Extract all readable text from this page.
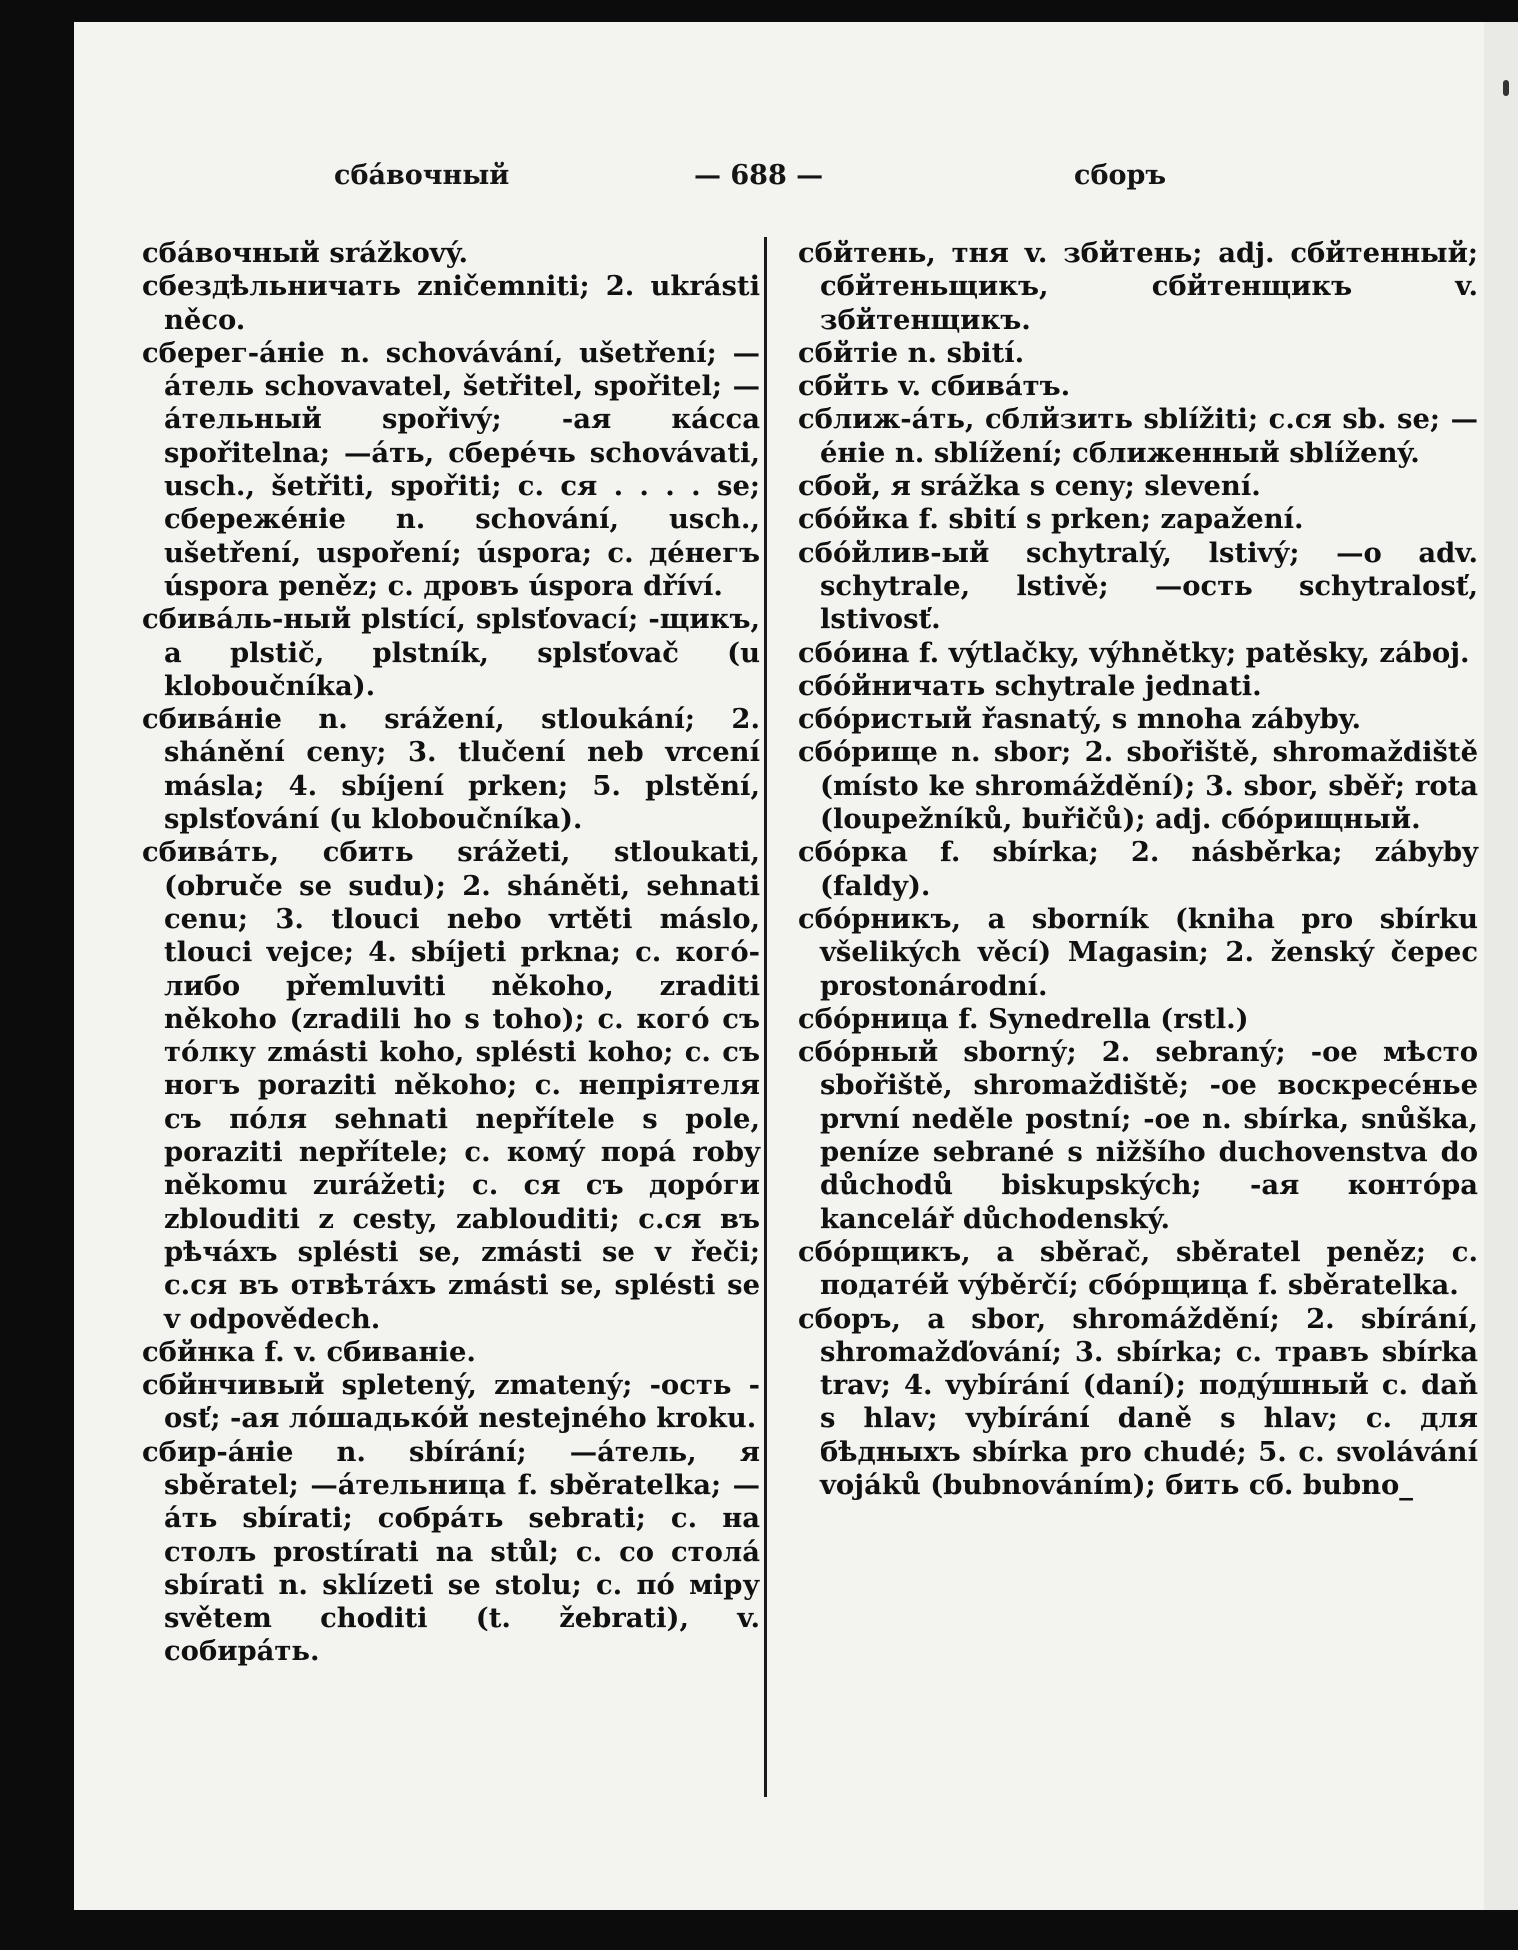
сбáвочный	— 688 —	сборъ

сбáвочный srážkový.

сбездѣльничать zničemniti; 2. ukrásti něco.

сберег-áніе n. schovávání, ušetření; —áтель schovavatel, šetřitel, spořitel; —áтельный spořivý; -ая кácca spořitelna; —áть, сберéчь schovávati, usch., šetřiti, spořiti; с. ся . . . . se; сбережéніе n. schování, usch., ušetření, uspoření; úspora; c. дéнегъ úspora peněz; с. дровъ úspora dříví.

сбивáль-ный plstící, splsťovací; -щикъ, a plstič, plstník, splsťovač (u kloboučníka).

сбивáніе n. srážení, stloukání; 2. shánění ceny; 3. tlučení neb vrcení másla; 4. sbíjení prken; 5. plstění, splsťování (u kloboučníka).

сбивáть, сбить srážeti, stloukati, (obruče se sudu); 2. sháněti, sehnati cenu; 3. tlouci nebo vrtěti máslo, tlouci vejce; 4. sbíjeti prkna; с. когó-либо přemluviti někoho, zraditi někoho (zradili ho s toho); c. когó съ тóлку zmásti koho, splésti koho; с. съ ногъ poraziti někoho; с. непріятеля съ пóля sehnati nepřítele s pole, poraziti nepřítele; с. комý порá roby někomu zurážeti; с. ся съ дорóги zblouditi z cesty, zablouditi; с.ся въ рѣчáхъ splésti se, zmásti se v řeči; с.ся въ отвѣтáхъ zmásti se, splésti se v odpovědech.

сбйнка f. v. сбиванiе.

сбйнчивый spletený, zmatený; -ость -osť; -ая лóшадькóй nestejného kroku.

сбир-áніе n. sbírání; —áтель, я sběratel; —áтельница f. sběratelka; —áть sbírati; собрáть sebrati; с. на столъ prostírati na stůl; с. со столá sbírati n. sklízeti se stolu; с. пó міру světem choditi (t. žebrati), v. собирáть.

сбйтень, тня v. збйтень; adj. сбйтенный; сбйтеньщикъ, сбйтенщикъ v. збйтенщикъ.

сбйтіе n. sbití.

сбйть v. сбивáтъ.

сближ-áть, сблйзить sblížiti; с.ся sb. se; —éніе n. sblížení; сближенный sblížený.

сбой, я srážka s ceny; slevení.

сбóйка f. sbití s prken; zapažení.

сбóйлив-ый schytralý, lstivý; —o adv. schytrale, lstivě; —ость schytralosť, lstivosť.

сбóина f. výtlačky, výhnětky; patěsky, zábој.

сбóйничать schytrale jednati.

сбóристый řasnatý, s mnoha zábyby.

сбóрище n. sbor; 2. sbořiště, shromaždiště (místo ke shromáždění); 3. sbor, sběř; rota (loupežníků, buřičů); adj. сбóрищный.

сбóрка f. sbírka; 2. násběrka; zábyby (faldy).

сбóрникъ, a sborník (kniha pro sbírku všelikých věcí) Magasin; 2. ženský čepec prostonárodní.

сбóрница f. Synedrella (rstl.)

сбóрный sborný; 2. sebraný; -oe мѣсто sbořiště, shromaždiště; -oe воскресéнье první neděle postní; -oe n. sbírka, snůška, peníze sebrané s nižšího duchovenstva do důchodů biskupských; -ая контóра kancelář důchodenský.

сбóрщикъ, a sběrač, sběratel peněz; с. податéй výběrčí; сбóрщица f. sběratelka.

сборъ, a sbor, shromáždění; 2. sbírání, shromažďování; 3. sbírka; с. травъ sbírka trav; 4. vybírání (daní); подýшный с. daň s hlav; vybírání daně s hlav; с. для бѣдныхъ sbírka pro chudé; 5. с. svolávání vojáků (bubnováním); бить сб. bubno_
